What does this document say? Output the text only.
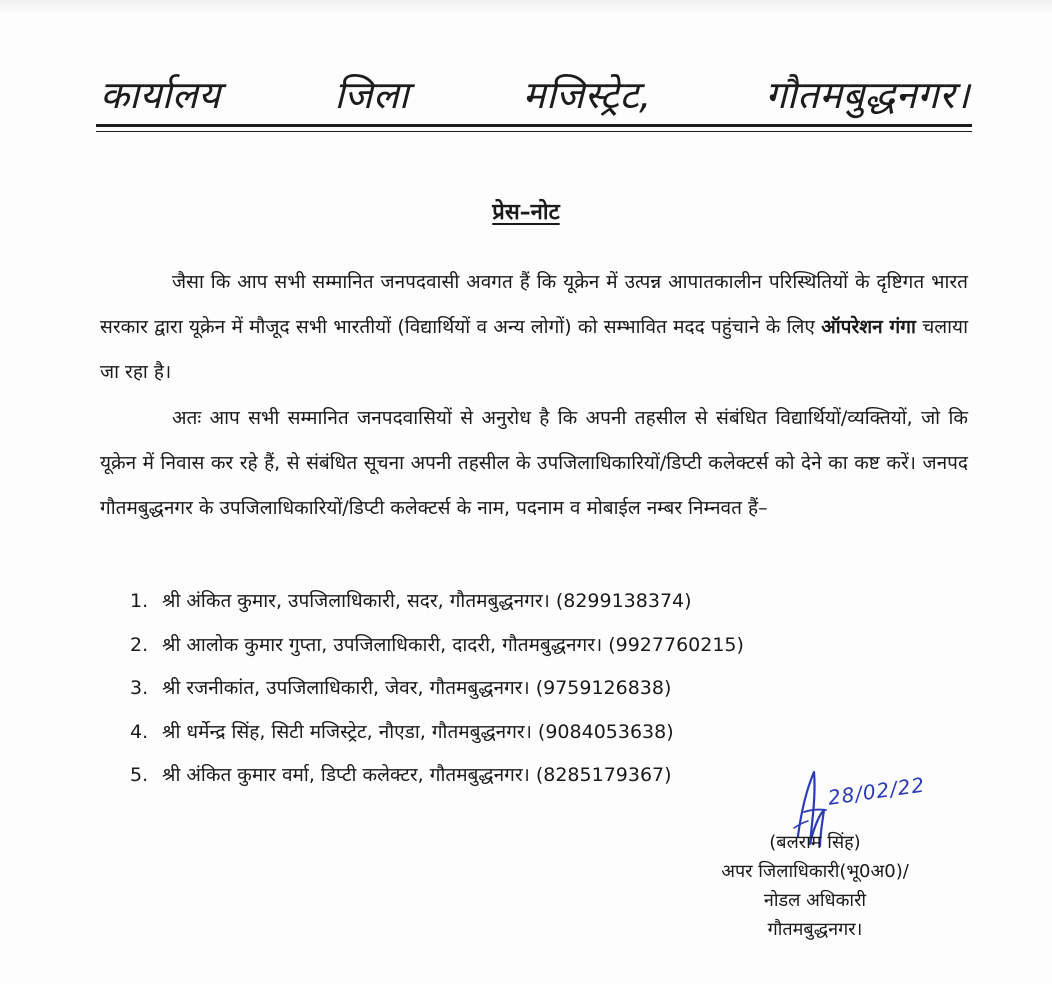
कार्यालय	जिला	मजिस्ट्रेट,	गौतमबुद्धनगर।
प्रेस–नोट
जैसा कि आप सभी सम्मानित जनपदवासी अवगत हैं कि यूक्रेन में उत्पन्न आपातकालीन परिस्थितियों के दृष्टिगत भारत सरकार द्वारा यूक्रेन में मौजूद सभी भारतीयों (विद्यार्थियों व अन्य लोगों) को सम्भावित मदद पहुंचाने के लिए ऑपरेशन गंगा चलाया जा रहा है।
अतः आप सभी सम्मानित जनपदवासियों से अनुरोध है कि अपनी तहसील से संबंधित विद्यार्थियों/व्यक्तियों, जो कि यूक्रेन में निवास कर रहे हैं, से संबंधित सूचना अपनी तहसील के उपजिलाधिकारियों/डिप्टी कलेक्टर्स को देने का कष्ट करें। जनपद गौतमबुद्धनगर के उपजिलाधिकारियों/डिप्टी कलेक्टर्स के नाम, पदनाम व मोबाईल नम्बर निम्नवत हैं–
1. श्री अंकित कुमार, उपजिलाधिकारी, सदर, गौतमबुद्धनगर। (8299138374)
2. श्री आलोक कुमार गुप्ता, उपजिलाधिकारी, दादरी, गौतमबुद्धनगर। (9927760215)
3. श्री रजनीकांत, उपजिलाधिकारी, जेवर, गौतमबुद्धनगर। (9759126838)
4. श्री धर्मेन्द्र सिंह, सिटी मजिस्ट्रेट, नौएडा, गौतमबुद्धनगर। (9084053638)
5. श्री अंकित कुमार वर्मा, डिप्टी कलेक्टर, गौतमबुद्धनगर। (8285179367)	28/02/22
(बलराम सिंह)
अपर जिलाधिकारी(भू0अ0)/
नोडल अधिकारी
गौतमबुद्धनगर।
